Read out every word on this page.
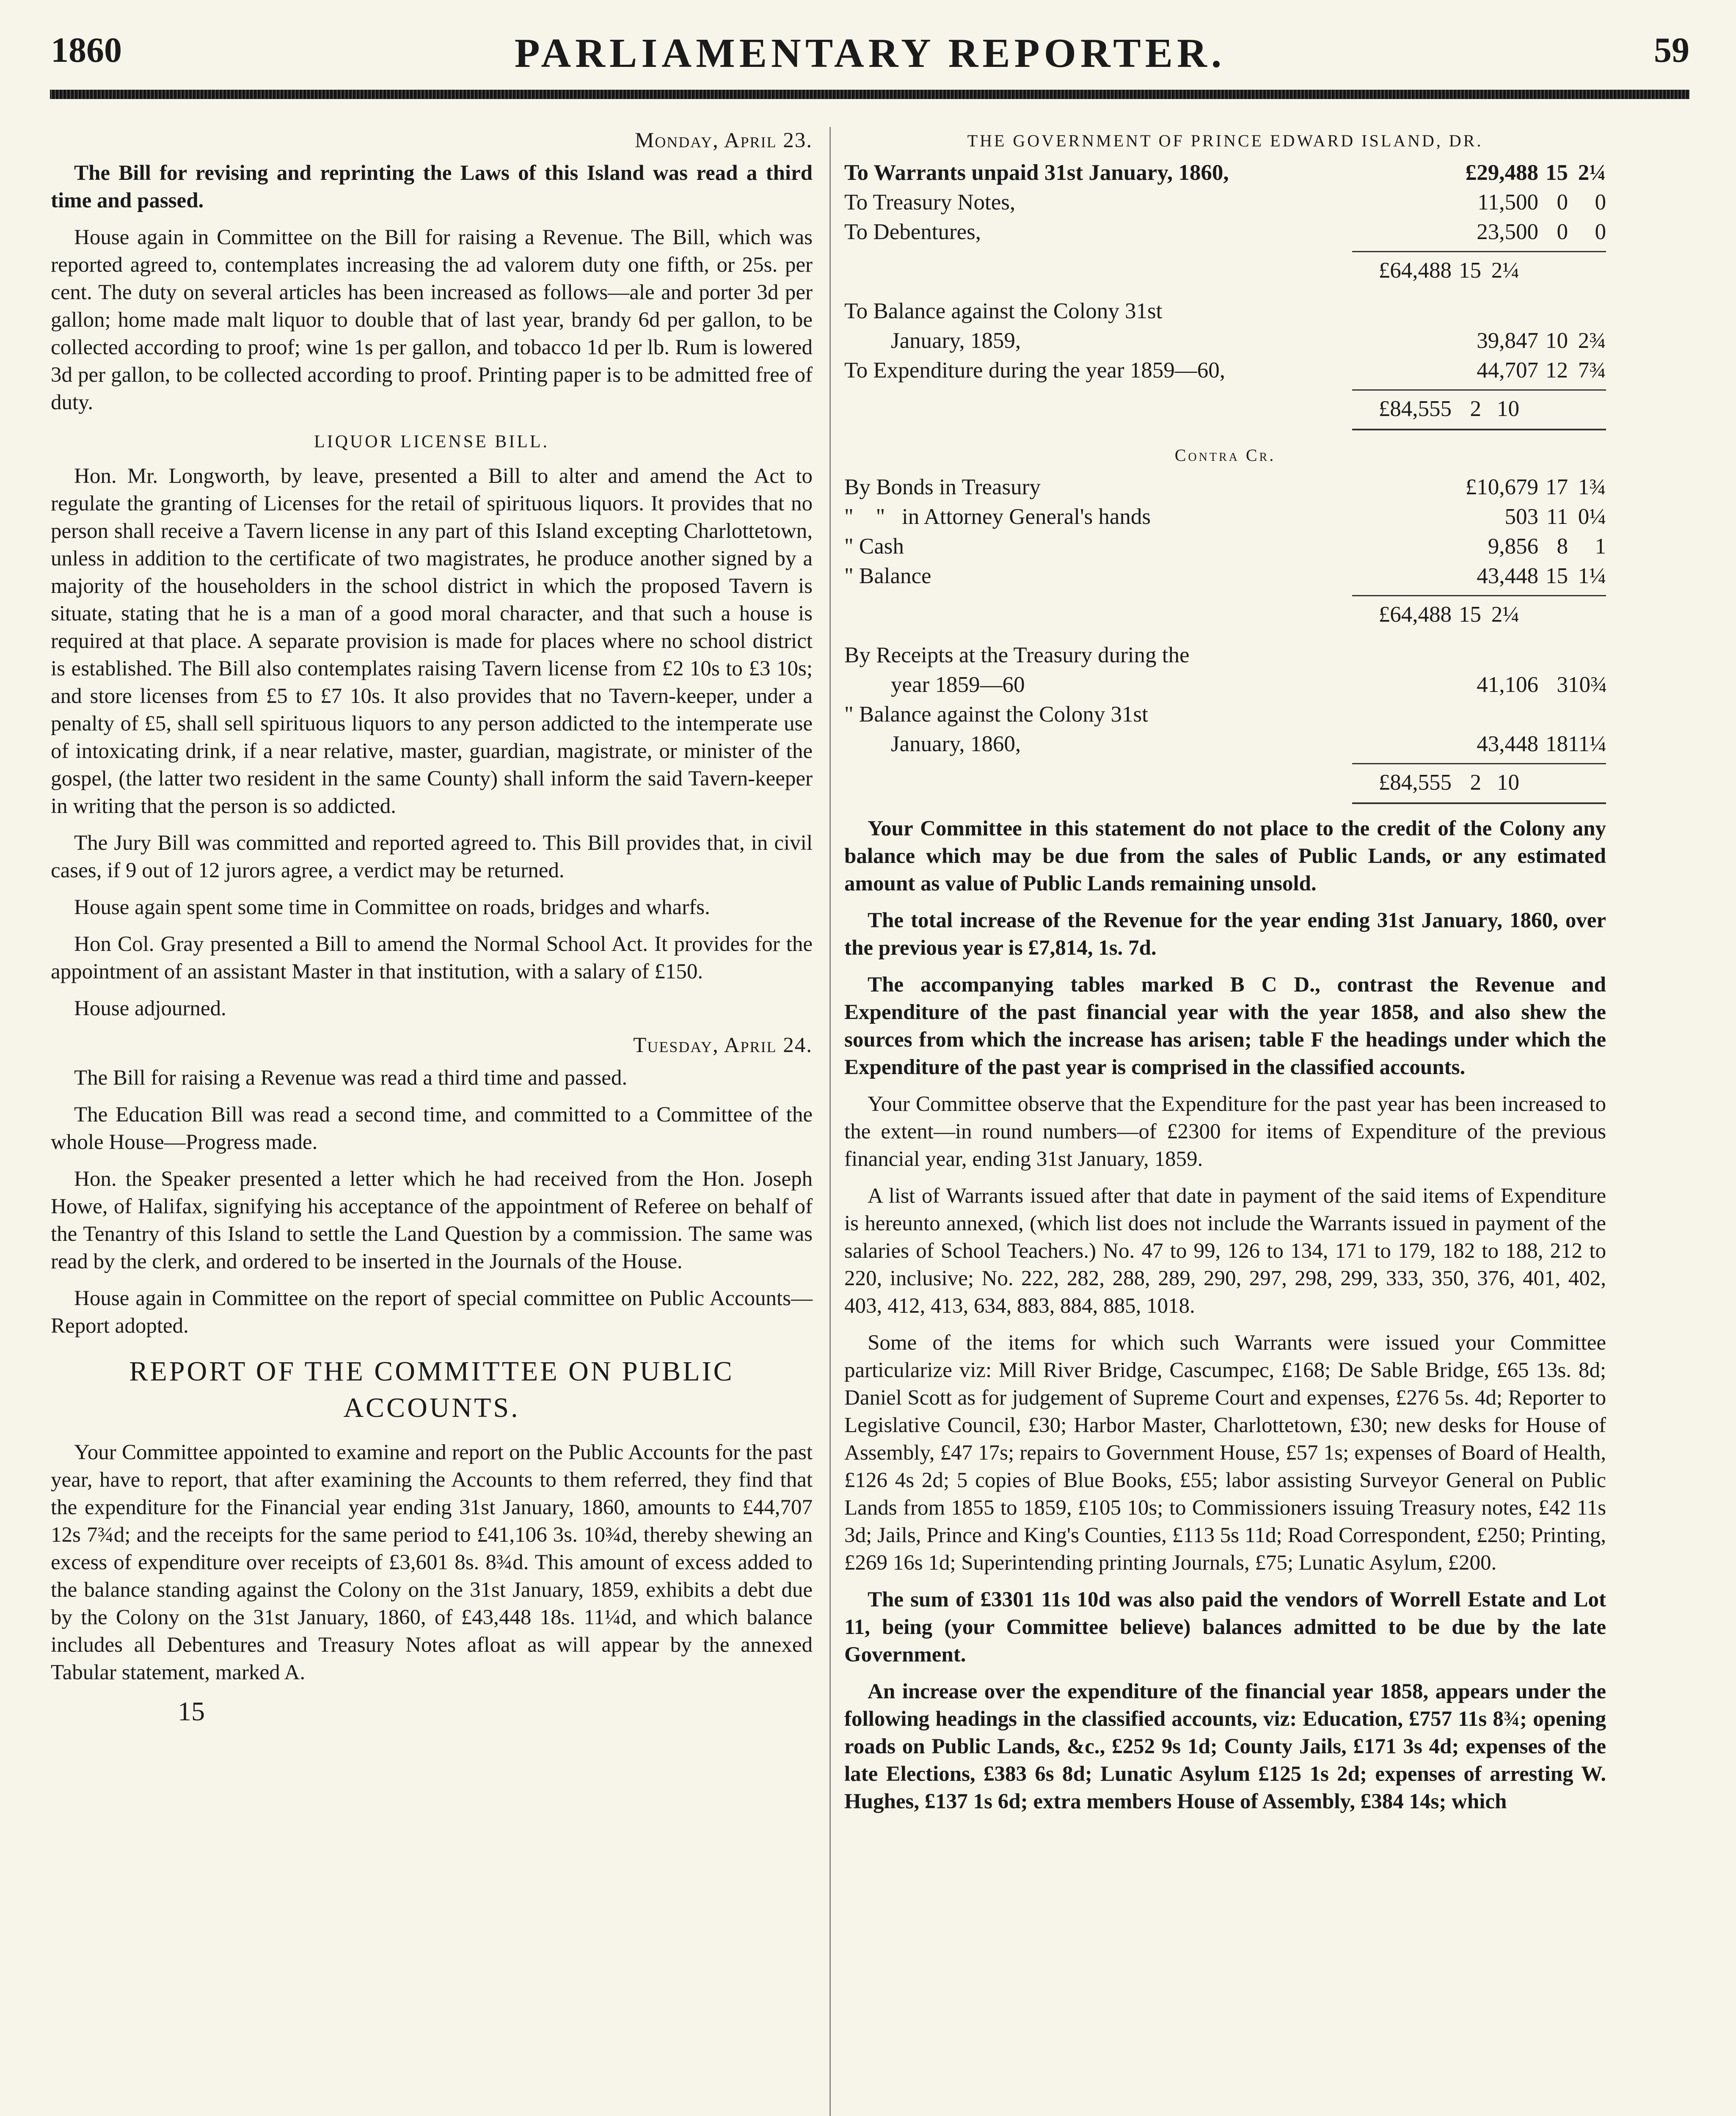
1860	PARLIAMENTARY REPORTER.	59
Monday, April 23.

The Bill for revising and reprinting the Laws of this Island was read a third time and passed.

House again in Committee on the Bill for raising a Revenue. The Bill, which was reported agreed to, contemplates increasing the ad valorem duty one fifth, or 25s. per cent. The duty on several articles has been increased as follows—ale and porter 3d per gallon; home made malt liquor to double that of last year, brandy 6d per gallon, to be collected according to proof; wine 1s per gallon, and tobacco 1d per lb. Rum is lowered 3d per gallon, to be collected according to proof. Printing paper is to be admitted free of duty.

LIQUOR LICENSE BILL.

Hon. Mr. Longworth, by leave, presented a Bill to alter and amend the Act to regulate the granting of Licenses for the retail of spirituous liquors. It provides that no person shall receive a Tavern license in any part of this Island excepting Charlottetown, unless in addition to the certificate of two magistrates, he produce another signed by a majority of the householders in the school district in which the proposed Tavern is situate, stating that he is a man of a good moral character, and that such a house is required at that place. A separate provision is made for places where no school district is established. The Bill also contemplates raising Tavern license from £2 10s to £3 10s; and store licenses from £5 to £7 10s. It also provides that no Tavern-keeper, under a penalty of £5, shall sell spirituous liquors to any person addicted to the intemperate use of intoxicating drink, if a near relative, master, guardian, magistrate, or minister of the gospel, (the latter two resident in the same County) shall inform the said Tavern-keeper in writing that the person is so addicted.

The Jury Bill was committed and reported agreed to. This Bill provides that, in civil cases, if 9 out of 12 jurors agree, a verdict may be returned.

House again spent some time in Committee on roads, bridges and wharfs.

Hon Col. Gray presented a Bill to amend the Normal School Act. It provides for the appointment of an assistant Master in that institution, with a salary of £150.

House adjourned.

Tuesday, April 24.

The Bill for raising a Revenue was read a third time and passed.

The Education Bill was read a second time, and committed to a Committee of the whole House—Progress made.

Hon. the Speaker presented a letter which he had received from the Hon. Joseph Howe, of Halifax, signifying his acceptance of the appointment of Referee on behalf of the Tenantry of this Island to settle the Land Question by a commission. The same was read by the clerk, and ordered to be inserted in the Journals of the House.

House again in Committee on the report of special committee on Public Accounts—Report adopted.

REPORT OF THE COMMITTEE ON PUBLIC ACCOUNTS.

Your Committee appointed to examine and report on the Public Accounts for the past year, have to report, that after examining the Accounts to them referred, they find that the expenditure for the Financial year ending 31st January, 1860, amounts to £44,707 12s 7¾d; and the receipts for the same period to £41,106 3s. 10¾d, thereby shewing an excess of expenditure over receipts of £3,601 8s. 8¾d. This amount of excess added to the balance standing against the Colony on the 31st January, 1859, exhibits a debt due by the Colony on the 31st January, 1860, of £43,448 18s. 11¼d, and which balance includes all Debentures and Treasury Notes afloat as will appear by the annexed Tabular statement, marked A.

15
THE GOVERNMENT OF PRINCE EDWARD ISLAND, DR.
To Warrants unpaid 31st January, 1860,	£29,488 15 2¼
To Treasury Notes,	11,500 0	0
To Debentures,	23,500 0	0
£64,488 15 2¼
To Balance against the Colony 31st
January, 1859,	39,847 10 2¾
To Expenditure during the year 1859—60,	44,707 12 7¾
£84,555 2 10
Contra Cr.
By Bonds in Treasury	£10,679 17 1¾
"    "   in Attorney General's hands	503 11 0¼
" Cash	9,856 8	1
" Balance	43,448 15 1¼
£64,488 15 2¼
By Receipts at the Treasury during the
year 1859—60	41,106 3 10¾
" Balance against the Colony 31st
January, 1860,	43,448 18 11¼
£84,555 2 10

Your Committee in this statement do not place to the credit of the Colony any balance which may be due from the sales of Public Lands, or any estimated amount as value of Public Lands remaining unsold.

The total increase of the Revenue for the year ending 31st January, 1860, over the previous year is £7,814, 1s. 7d.

The accompanying tables marked B C D., contrast the Revenue and Expenditure of the past financial year with the year 1858, and also shew the sources from which the increase has arisen; table F the headings under which the Expenditure of the past year is comprised in the classified accounts.

Your Committee observe that the Expenditure for the past year has been increased to the extent—in round numbers—of £2300 for items of Expenditure of the previous financial year, ending 31st January, 1859.

A list of Warrants issued after that date in payment of the said items of Expenditure is hereunto annexed, (which list does not include the Warrants issued in payment of the salaries of School Teachers.) No. 47 to 99, 126 to 134, 171 to 179, 182 to 188, 212 to 220, inclusive; No. 222, 282, 288, 289, 290, 297, 298, 299, 333, 350, 376, 401, 402, 403, 412, 413, 634, 883, 884, 885, 1018.

Some of the items for which such Warrants were issued your Committee particularize viz: Mill River Bridge, Cascumpec, £168; De Sable Bridge, £65 13s. 8d; Daniel Scott as for judgement of Supreme Court and expenses, £276 5s. 4d; Reporter to Legislative Council, £30; Harbor Master, Charlottetown, £30; new desks for House of Assembly, £47 17s; repairs to Government House, £57 1s; expenses of Board of Health, £126 4s 2d; 5 copies of Blue Books, £55; labor assisting Surveyor General on Public Lands from 1855 to 1859, £105 10s; to Commissioners issuing Treasury notes, £42 11s 3d; Jails, Prince and King's Counties, £113 5s 11d; Road Correspondent, £250; Printing, £269 16s 1d; Superintending printing Journals, £75; Lunatic Asylum, £200.

The sum of £3301 11s 10d was also paid the vendors of Worrell Estate and Lot 11, being (your Committee believe) balances admitted to be due by the late Government.

An increase over the expenditure of the financial year 1858, appears under the following headings in the classified accounts, viz: Education, £757 11s 8¾; opening roads on Public Lands, &c., £252 9s 1d; County Jails, £171 3s 4d; expenses of the late Elections, £383 6s 8d; Lunatic Asylum £125 1s 2d; expenses of arresting W. Hughes, £137 1s 6d; extra members House of Assembly, £384 14s; which
